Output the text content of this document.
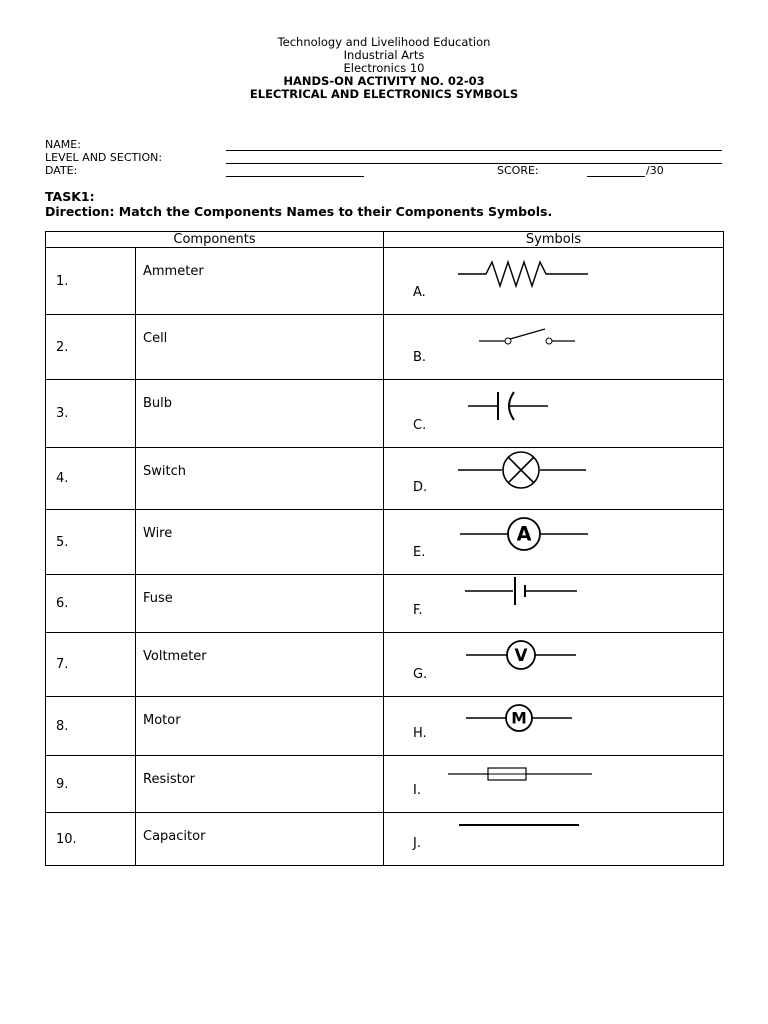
Technology and Livelihood Education
Industrial Arts
Electronics 10
HANDS-ON ACTIVITY NO. 02-03
ELECTRICAL AND ELECTRONICS SYMBOLS
NAME:
LEVEL AND SECTION:
DATE:	SCORE:	/30
TASK1:
Direction: Match the Components Names to their Components Symbols.
Components		Symbols
1.	Ammeter	A.

2.	Cell	B.

3.	Bulb	C.

4.	Switch	D.

5.	Wire	E.
A

6.	Fuse	F.

7.	Voltmeter	G.
V

8.	Motor	H.
M

9.	Resistor	I.

10.	Capacitor	J.
